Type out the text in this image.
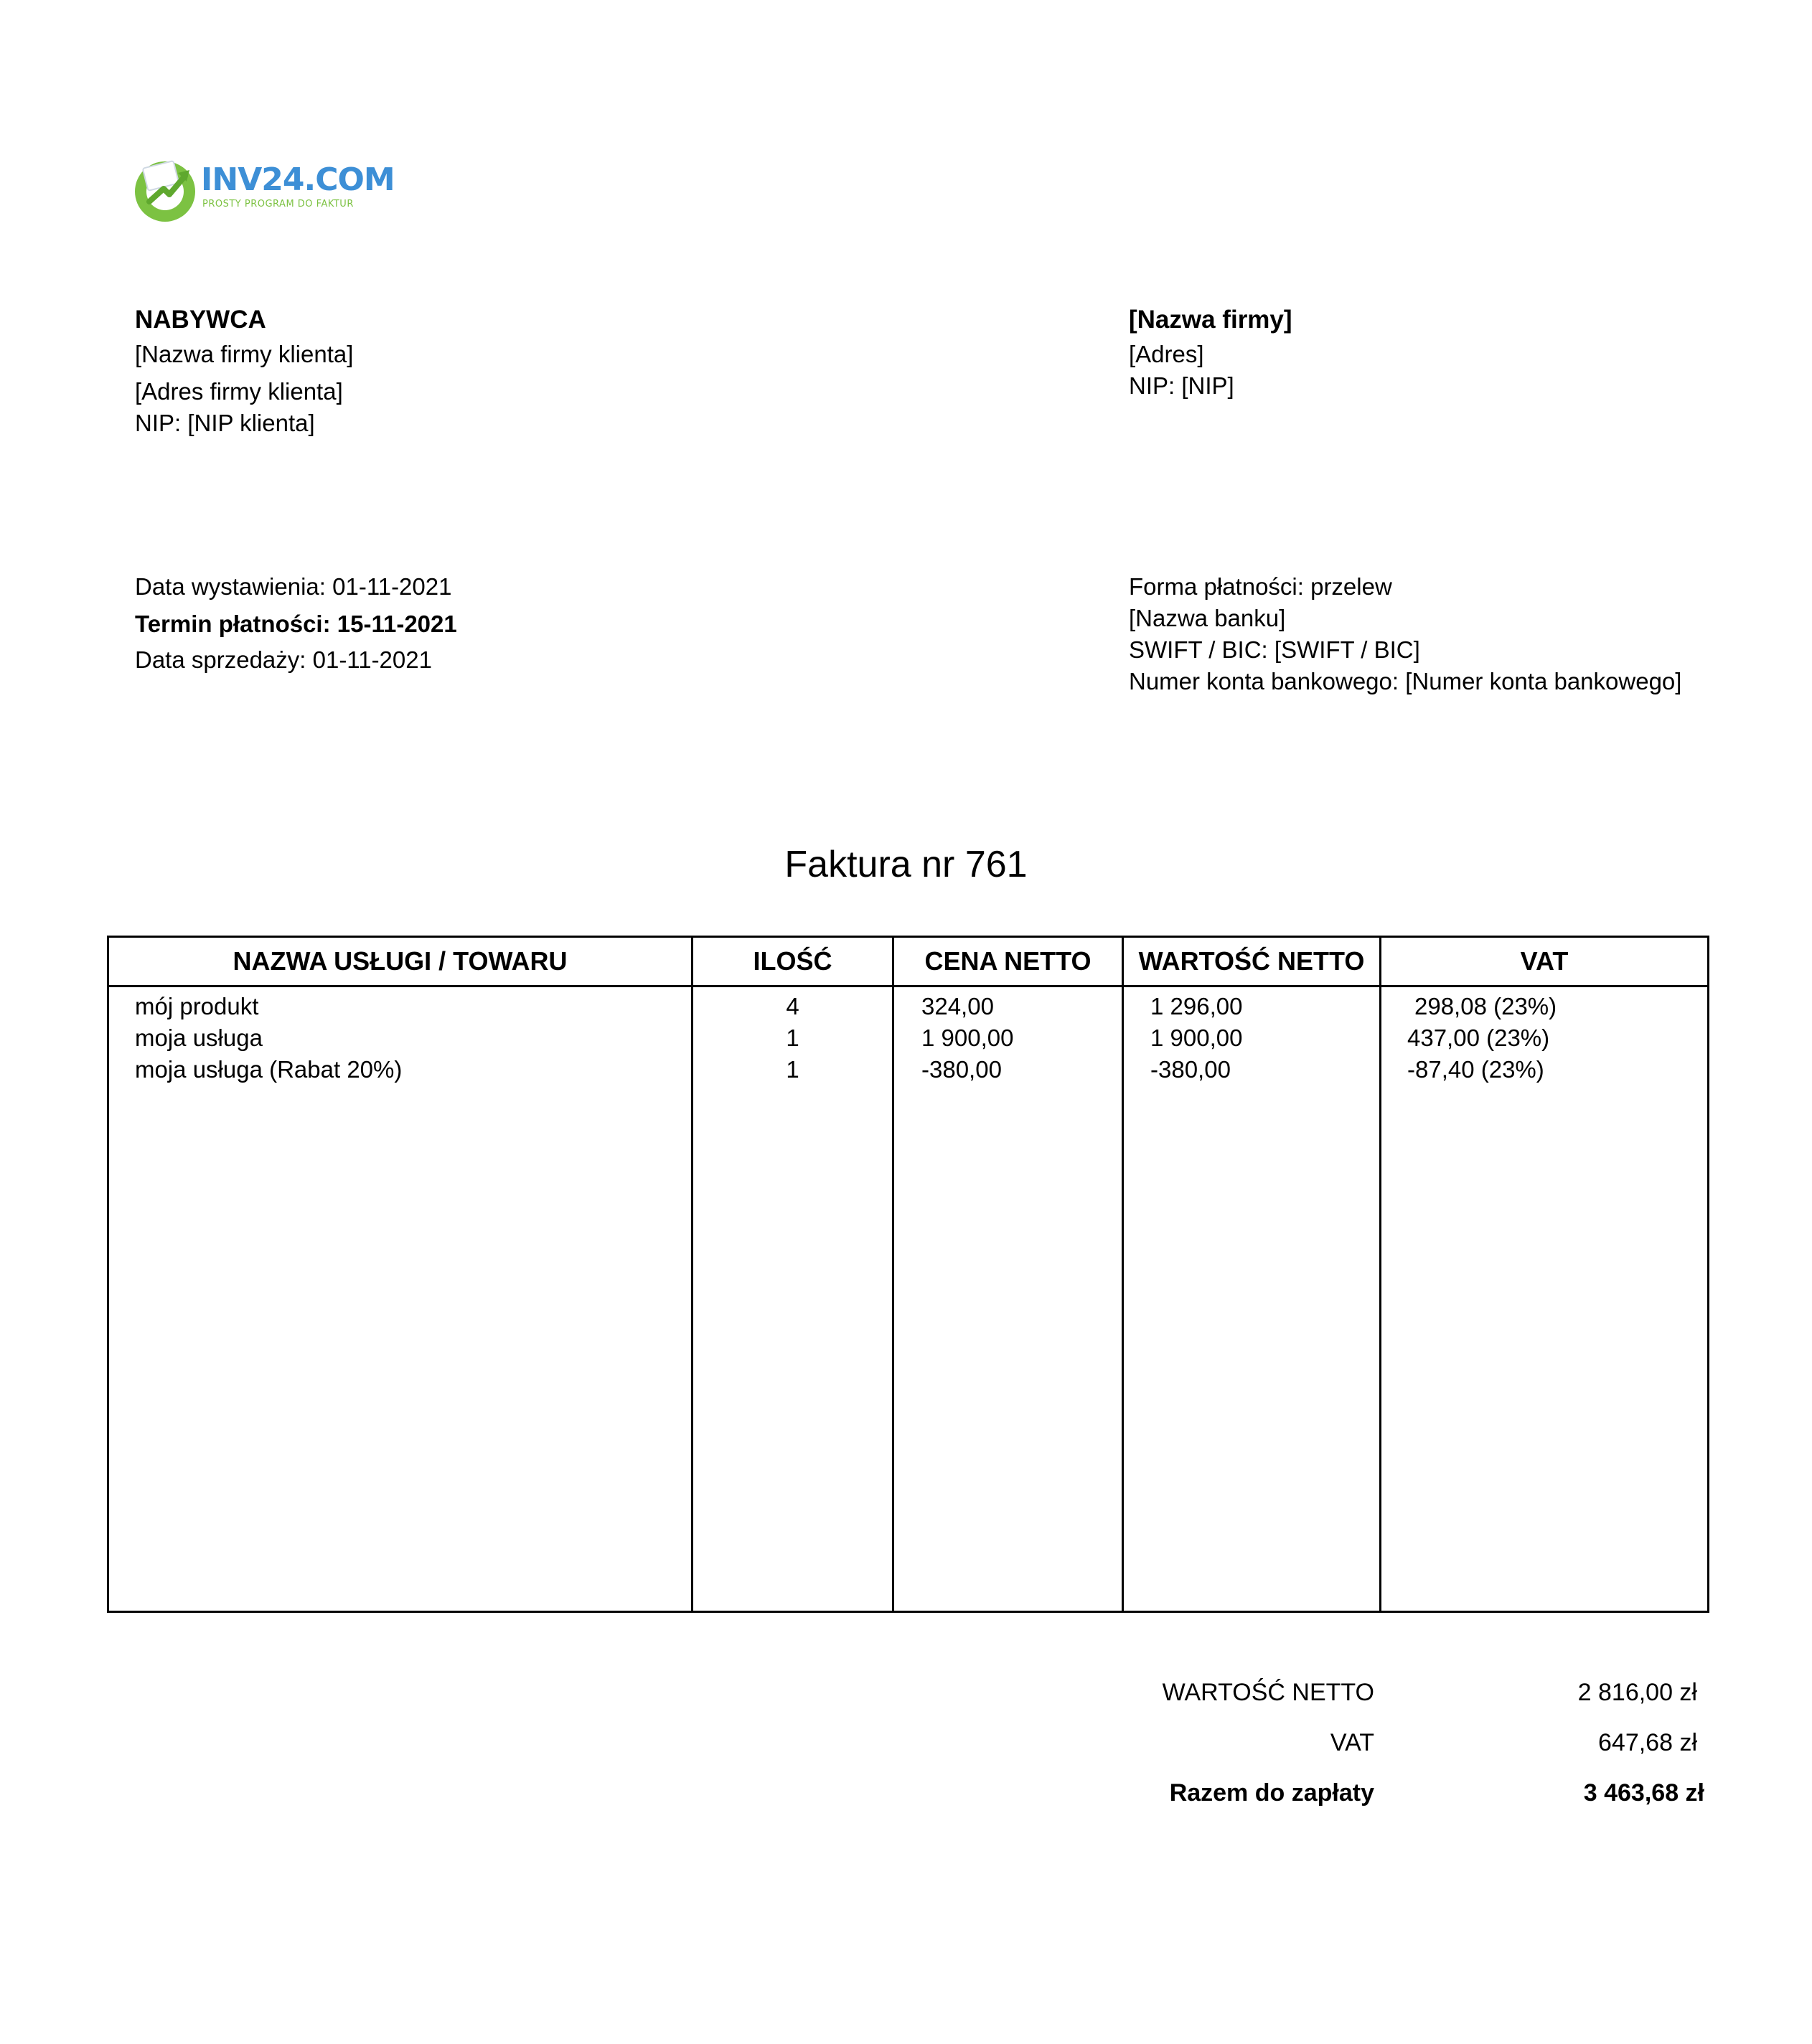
INV24.COM
PROSTY PROGRAM DO FAKTUR
NABYWCA
[Nazwa firmy klienta]
[Adres firmy klienta]
NIP: [NIP klienta]
[Nazwa firmy]
[Adres]
NIP: [NIP]
Data wystawienia: 01-11-2021
Termin płatności: 15-11-2021
Data sprzedaży: 01-11-2021
Forma płatności: przelew
[Nazwa banku]
SWIFT / BIC: [SWIFT / BIC]
Numer konta bankowego: [Numer konta bankowego]
Faktura nr 761
NAZWA USŁUGI / TOWARU	ILOŚĆ	CENA NETTO	WARTOŚĆ NETTO	VAT
mój produkt	4	324,00	1 296,00	298,08 (23%)
moja usługa	1	1 900,00	1 900,00	437,00 (23%)
moja usługa (Rabat 20%)	1	-380,00	-380,00	-87,40 (23%)
WARTOŚĆ NETTO	2 816,00 zł
VAT	647,68 zł
Razem do zapłaty	3 463,68 zł
